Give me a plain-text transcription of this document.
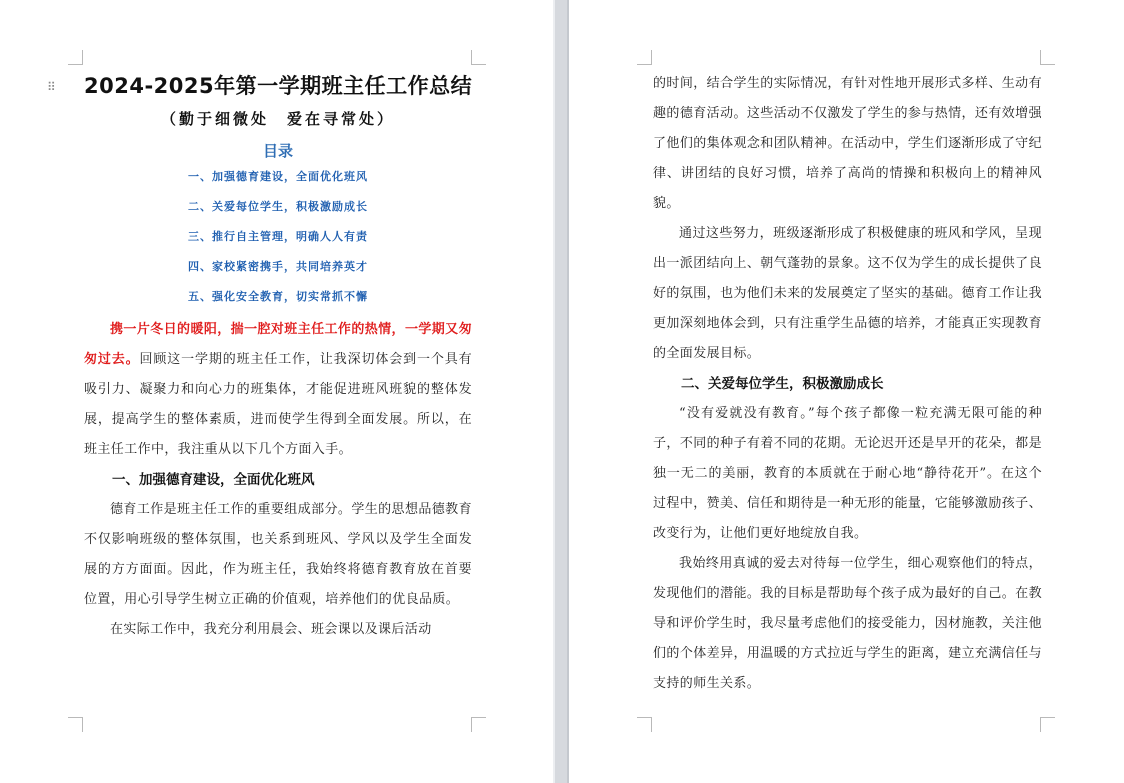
⠿ 2024-2025年第一学期班主任工作总结
（勤于细微处　爱在寻常处）
目录
一、加强德育建设，全面优化班风
二、关爱每位学生，积极激励成长
三、推行自主管理，明确人人有责
四、家校紧密携手，共同培养英才
五、强化安全教育，切实常抓不懈

携一片冬日的暖阳，揣一腔对班主任工作的热情，一学期又匆匆过去。回顾这一学期的班主任工作，让我深切体会到一个具有吸引力、凝聚力和向心力的班集体，才能促进班风班貌的整体发展，提高学生的整体素质，进而使学生得到全面发展。所以，在班主任工作中，我注重从以下几个方面入手。

一、加强德育建设，全面优化班风

德育工作是班主任工作的重要组成部分。学生的思想品德教育不仅影响班级的整体氛围，也关系到班风、学风以及学生全面发展的方方面面。因此，作为班主任，我始终将德育教育放在首要位置，用心引导学生树立正确的价值观，培养他们的优良品质。

在实际工作中，我充分利用晨会、班会课以及课后活动

的时间，结合学生的实际情况，有针对性地开展形式多样、生动有趣的德育活动。这些活动不仅激发了学生的参与热情，还有效增强了他们的集体观念和团队精神。在活动中，学生们逐渐形成了守纪律、讲团结的良好习惯，培养了高尚的情操和积极向上的精神风貌。

通过这些努力，班级逐渐形成了积极健康的班风和学风，呈现出一派团结向上、朝气蓬勃的景象。这不仅为学生的成长提供了良好的氛围，也为他们未来的发展奠定了坚实的基础。德育工作让我更加深刻地体会到，只有注重学生品德的培养，才能真正实现教育的全面发展目标。

二、关爱每位学生，积极激励成长

“没有爱就没有教育。”每个孩子都像一粒充满无限可能的种子，不同的种子有着不同的花期。无论迟开还是早开的花朵，都是独一无二的美丽，教育的本质就在于耐心地“静待花开”。在这个过程中，赞美、信任和期待是一种无形的能量，它能够激励孩子、改变行为，让他们更好地绽放自我。

我始终用真诚的爱去对待每一位学生，细心观察他们的特点，发现他们的潜能。我的目标是帮助每个孩子成为最好的自己。在教导和评价学生时，我尽量考虑他们的接受能力，因材施教，关注他们的个体差异，用温暖的方式拉近与学生的距离，建立充满信任与支持的师生关系。
